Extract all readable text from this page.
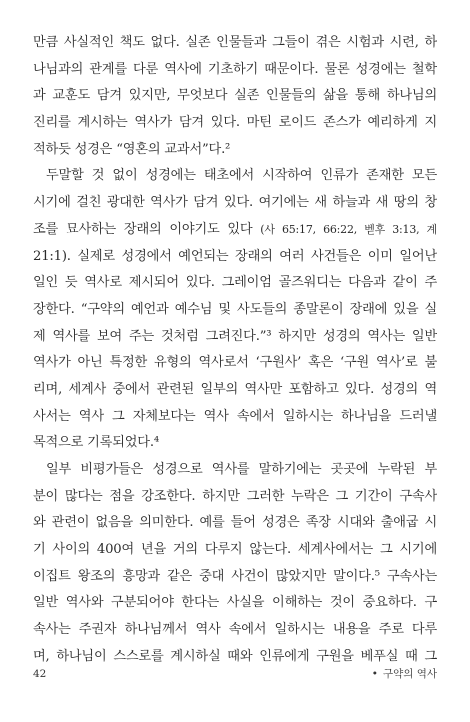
만큼 사실적인 책도 없다. 실존 인물들과 그들이 겪은 시험과 시련, 하
나님과의 관계를 다룬 역사에 기초하기 때문이다. 물론 성경에는 철학
과 교훈도 담겨 있지만, 무엇보다 실존 인물들의 삶을 통해 하나님의
진리를 계시하는 역사가 담겨 있다. 마틴 로이드 존스가 예리하게 지
적하듯 성경은 “영혼의 교과서”다.²
두말할 것 없이 성경에는 태초에서 시작하여 인류가 존재한 모든
시기에 걸친 광대한 역사가 담겨 있다. 여기에는 새 하늘과 새 땅의 창
조를 묘사하는 장래의 이야기도 있다 (사 65:17, 66:22, 벧후 3:13, 계
21:1). 실제로 성경에서 예언되는 장래의 여러 사건들은 이미 일어난
일인 듯 역사로 제시되어 있다. 그레이엄 골즈워디는 다음과 같이 주
장한다. “구약의 예언과 예수님 및 사도들의 종말론이 장래에 있을 실
제 역사를 보여 주는 것처럼 그려진다.”³ 하지만 성경의 역사는 일반
역사가 아닌 특정한 유형의 역사로서 ‘구원사’ 혹은 ‘구원 역사’로 불
리며, 세계사 중에서 관련된 일부의 역사만 포함하고 있다. 성경의 역
사서는 역사 그 자체보다는 역사 속에서 일하시는 하나님을 드러낼
목적으로 기록되었다.⁴
일부 비평가들은 성경으로 역사를 말하기에는 곳곳에 누락된 부
분이 많다는 점을 강조한다. 하지만 그러한 누락은 그 기간이 구속사
와 관련이 없음을 의미한다. 예를 들어 성경은 족장 시대와 출애굽 시
기 사이의 400여 년을 거의 다루지 않는다. 세계사에서는 그 시기에
이집트 왕조의 흥망과 같은 중대 사건이 많았지만 말이다.⁵ 구속사는
일반 역사와 구분되어야 한다는 사실을 이해하는 것이 중요하다. 구
속사는 주권자 하나님께서 역사 속에서 일하시는 내용을 주로 다루
며, 하나님이 스스로를 계시하실 때와 인류에게 구원을 베푸실 때 그
42	• 구약의 역사
